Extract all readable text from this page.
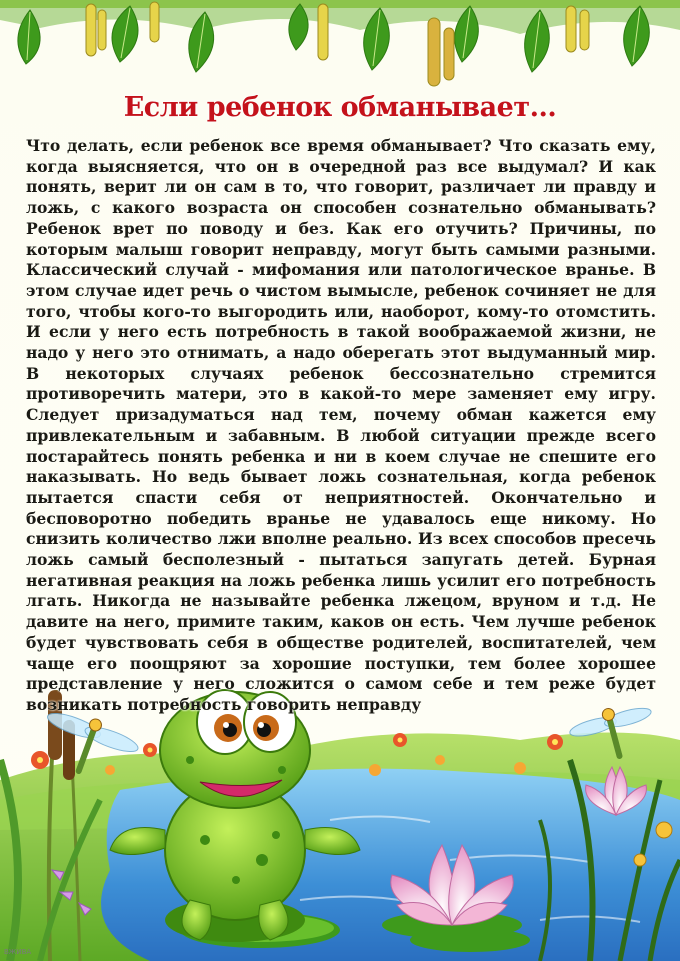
Если ребенок обманывает...

Что делать, если ребенок все время обманывает? Что сказать ему, когда выясняется, что он в очередной раз все выдумал? И как понять, верит ли он сам в то, что говорит, различает ли правду и ложь, с какого возраста он способен сознательно обманывать? Ребенок врет по поводу и без. Как его отучить? Причины, по которым малыш говорит неправду, могут быть самыми разными. Классический случай - мифомания или патологическое вранье. В этом случае идет речь о чистом вымысле, ребенок сочиняет не для того, чтобы кого-то выгородить или, наоборот, кому-то отомстить. И если у него есть потребность в такой воображаемой жизни, не надо у него это отнимать, а надо оберегать этот выдуманный мир. В некоторых случаях ребенок бессознательно стремится противоречить матери, это в какой-то мере заменяет ему игру. Следует призадуматься над тем, почему обман кажется ему привлекательным и забавным. В любой ситуации прежде всего постарайтесь понять ребенка и ни в коем случае не спешите его наказывать. Но ведь бывает ложь сознательная, когда ребенок пытается спасти себя от неприятностей. Окончательно и бесповоротно победить вранье не удавалось еще никому. Но снизить количество лжи вполне реально. Из всех способов пресечь ложь самый бесполезный - пытаться запугать детей. Бурная негативная реакция на ложь ребенка лишь усилит его потребность лгать. Никогда не называйте ребенка лжецом, вруном и т.д. Не давите на него, примите таким, каков он есть. Чем лучше ребенок будет чувствовать себя в обществе родителей, воспитателей, чем чаще его поощряют за хорошие поступки, тем более хорошее представление у него сложится о самом себе и тем реже будет возникать потребность говорить неправду

ВЖИВА
